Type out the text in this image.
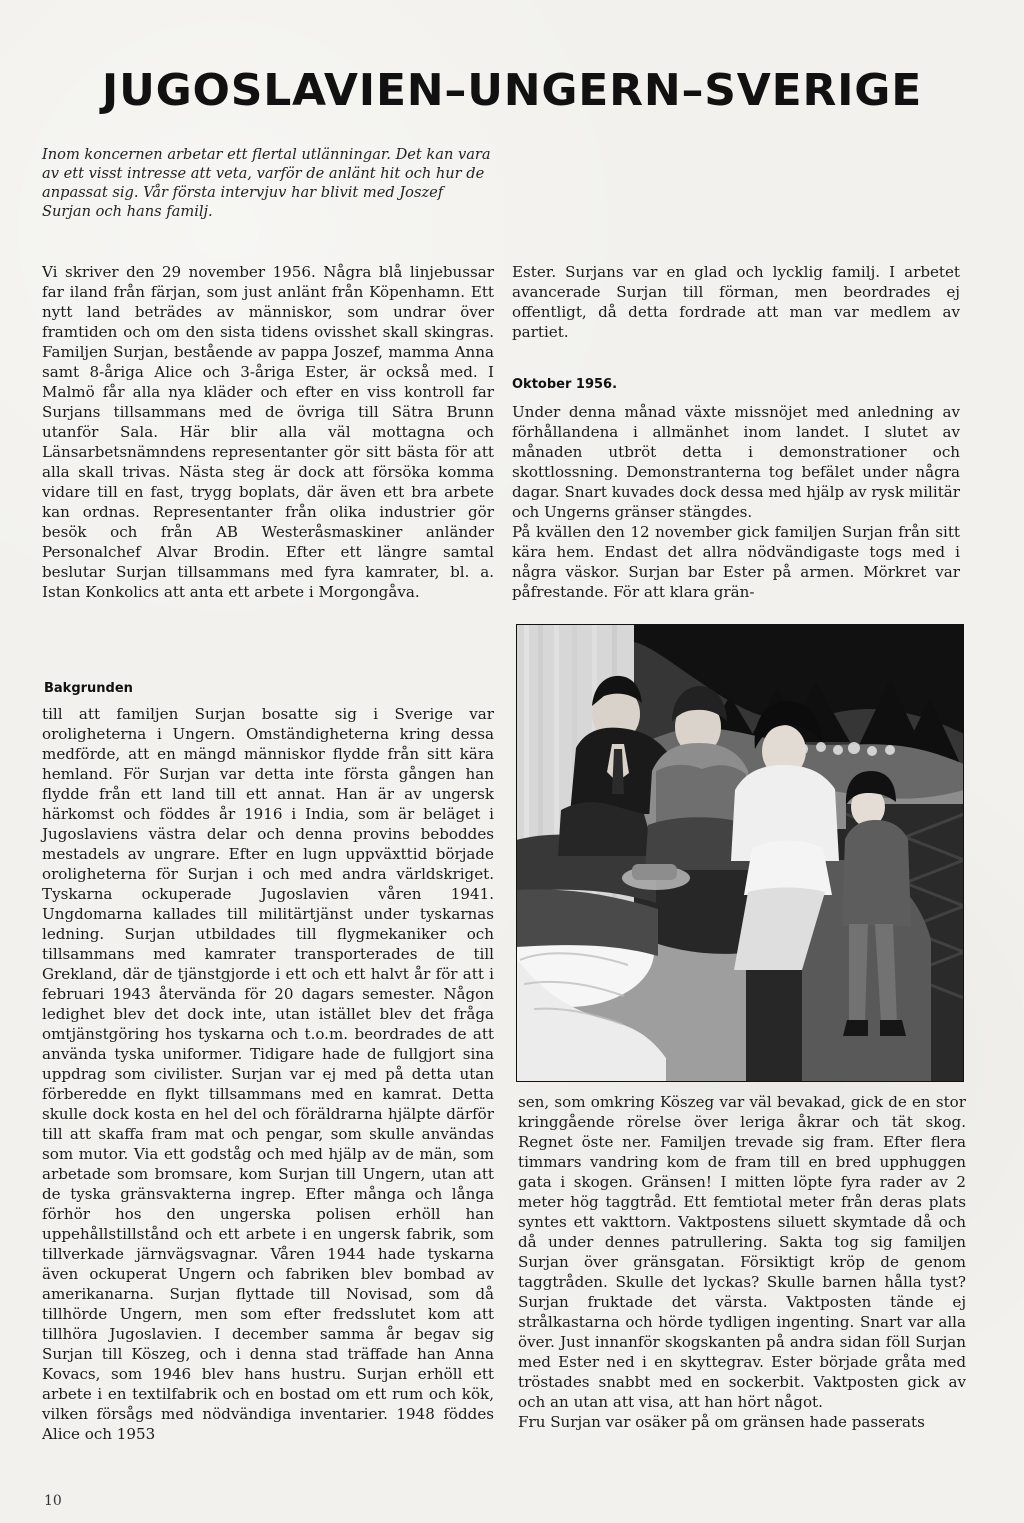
JUGOSLAVIEN–UNGERN–SVERIGE

Inom koncernen arbetar ett flertal utlänningar. Det kan vara av ett visst intresse att veta, varför de anlänt hit och hur de anpassat sig. Vår första intervjuv har blivit med Joszef Surjan och hans familj.

Vi skriver den 29 november 1956. Några blå linjebussar far iland från färjan, som just anlänt från Köpenhamn. Ett nytt land beträdes av människor, som undrar över framtiden och om den sista tidens ovisshet skall skingras. Familjen Surjan, bestående av pappa Joszef, mamma Anna samt 8-åriga Alice och 3-åriga Ester, är också med. I Malmö får alla nya kläder och efter en viss kontroll far Surjans tillsammans med de övriga till Sätra Brunn utanför Sala. Här blir alla väl mottagna och Länsarbetsnämndens representanter gör sitt bästa för att alla skall trivas. Nästa steg är dock att försöka komma vidare till en fast, trygg boplats, där även ett bra arbete kan ordnas. Representanter från olika industrier gör besök och från AB Westeråsmaskiner anländer Personalchef Alvar Brodin. Efter ett längre samtal beslutar Surjan tillsammans med fyra kamrater, bl. a. Istan Konkolics att anta ett arbete i Morgongåva.

Ester. Surjans var en glad och lycklig familj. I arbetet avancerade Surjan till förman, men beordrades ej offentligt, då detta fordrade att man var medlem av partiet.

Oktober 1956.

Under denna månad växte missnöjet med anledning av förhållandena i allmänhet inom landet. I slutet av månaden utbröt detta i demonstrationer och skottlossning. Demonstranterna tog befälet under några dagar. Snart kuvades dock dessa med hjälp av rysk militär och Ungerns gränser stängdes.

På kvällen den 12 november gick familjen Surjan från sitt kära hem. Endast det allra nödvändigaste togs med i några väskor. Surjan bar Ester på armen. Mörkret var påfrestande. För att klara grän-

Bakgrunden

till att familjen Surjan bosatte sig i Sverige var oroligheterna i Ungern. Omständigheterna kring dessa medförde, att en mängd människor flydde från sitt kära hemland. För Surjan var detta inte första gången han flydde från ett land till ett annat. Han är av ungersk härkomst och föddes år 1916 i India, som är beläget i Jugoslaviens västra delar och denna provins beboddes mestadels av ungrare. Efter en lugn uppväxttid började oroligheterna för Surjan i och med andra världskriget. Tyskarna ockuperade Jugoslavien våren 1941. Ungdomarna kallades till militärtjänst under tyskarnas ledning. Surjan utbildades till flygmekaniker och tillsammans med kamrater transporterades de till Grekland, där de tjänstgjorde i ett och ett halvt år för att i februari 1943 återvända för 20 dagars semester. Någon ledighet blev det dock inte, utan istället blev det fråga omtjänstgöring hos tyskarna och t.o.m. beordrades de att använda tyska uniformer. Tidigare hade de fullgjort sina uppdrag som civilister. Surjan var ej med på detta utan förberedde en flykt tillsammans med en kamrat. Detta skulle dock kosta en hel del och föräldrarna hjälpte därför till att skaffa fram mat och pengar, som skulle användas som mutor. Via ett godståg och med hjälp av de män, som arbetade som bromsare, kom Surjan till Ungern, utan att de tyska gränsvakterna ingrep. Efter många och långa förhör hos den ungerska polisen erhöll han uppehållstillstånd och ett arbete i en ungersk fabrik, som tillverkade järnvägsvagnar. Våren 1944 hade tyskarna även ockuperat Ungern och fabriken blev bombad av amerikanarna. Surjan flyttade till Novisad, som då tillhörde Ungern, men som efter fredsslutet kom att tillhöra Jugoslavien. I december samma år begav sig Surjan till Köszeg, och i denna stad träffade han Anna Kovacs, som 1946 blev hans hustru. Surjan erhöll ett arbete i en textilfabrik och en bostad om ett rum och kök, vilken försågs med nödvändiga inventarier. 1948 föddes Alice och 1953

sen, som omkring Köszeg var väl bevakad, gick de en stor kringgående rörelse över leriga åkrar och tät skog. Regnet öste ner. Familjen trevade sig fram. Efter flera timmars vandring kom de fram till en bred upphuggen gata i skogen. Gränsen! I mitten löpte fyra rader av 2 meter hög taggtråd. Ett femtiotal meter från deras plats syntes ett vakttorn. Vaktpostens siluett skymtade då och då under dennes patrullering. Sakta tog sig familjen Surjan över gränsgatan. Försiktigt kröp de genom taggtråden. Skulle det lyckas? Skulle barnen hålla tyst? Surjan fruktade det värsta. Vaktposten tände ej strålkastarna och hörde tydligen ingenting. Snart var alla över. Just innanför skogskanten på andra sidan föll Surjan med Ester ned i en skyttegrav. Ester började gråta med tröstades snabbt med en sockerbit. Vaktposten gick av och an utan att visa, att han hört något.

Fru Surjan var osäker på om gränsen hade passerats

10
